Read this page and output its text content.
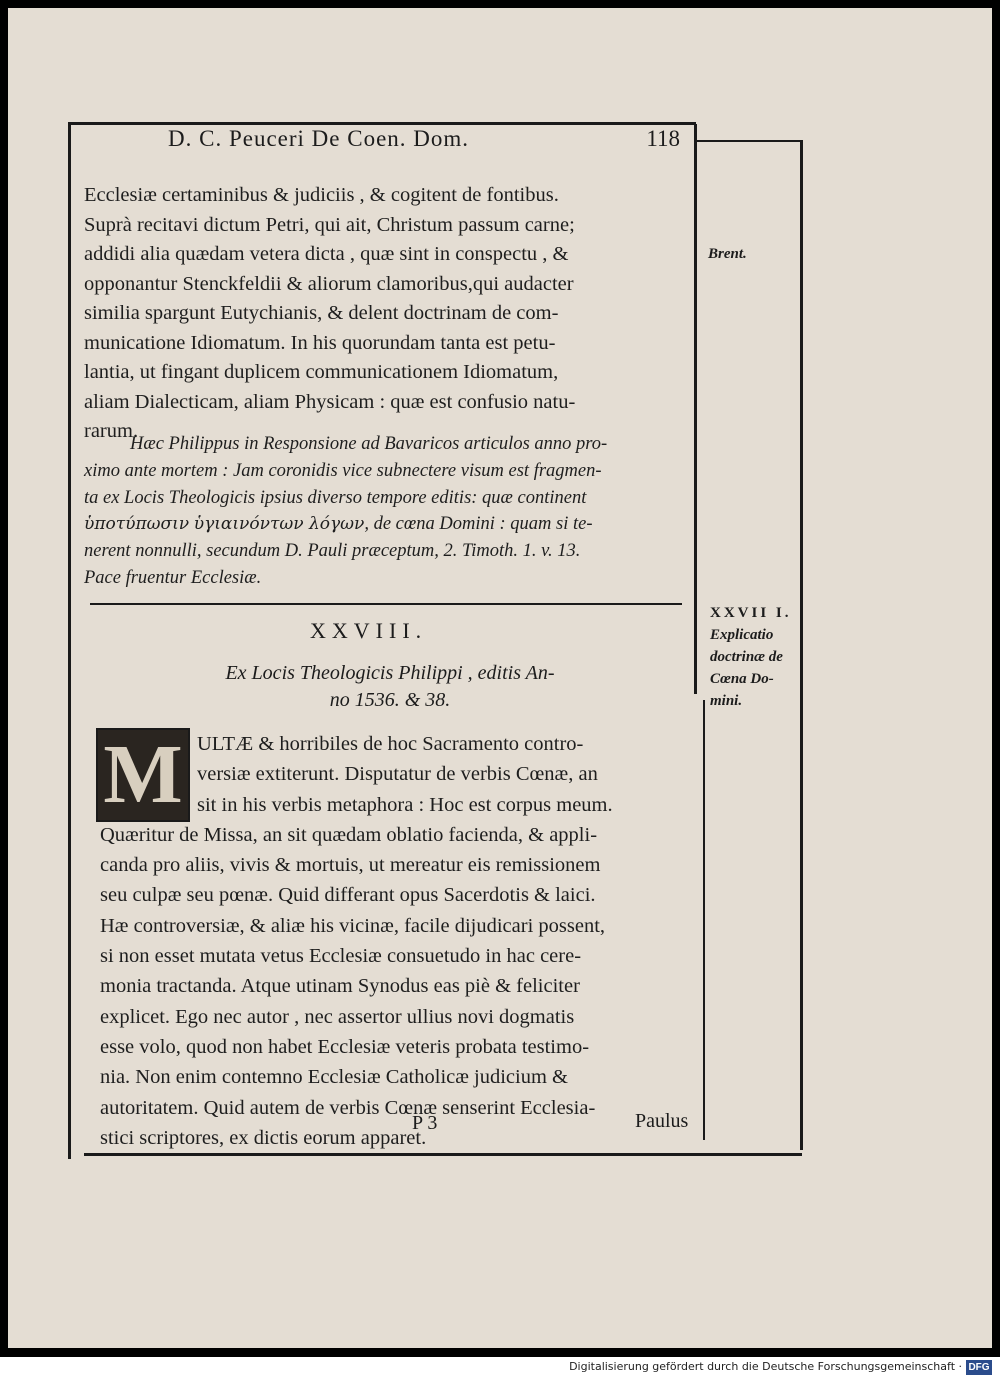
D. C. Peuceri De Coen. Dom.	118
Ecclesiæ certaminibus & judiciis , & cogitent de fontibus.
Suprà recitavi dictum Petri, qui ait, Christum passum carne;
addidi alia quædam vetera dicta , quæ sint in conspectu , &
opponantur Stenckfeldii & aliorum clamoribus,qui audacter
similia spargunt Eutychianis, & delent doctrinam de com-
municatione Idiomatum. In his quorundam tanta est petu-
lantia, ut fingant duplicem communicationem Idiomatum,
aliam Dialecticam, aliam Physicam : quæ est confusio natu-
rarum.
Hæc Philippus in Responsione ad Bavaricos articulos anno pro-
ximo ante mortem : Jam coronidis vice subnectere visum est fragmen-
ta ex Locis Theologicis ipsius diverso tempore editis: quæ continent
ὑποτύπωσιν ὑγιαινόντων λόγων, de cœna Domini : quam si te-
nerent nonnulli, secundum D. Pauli præceptum, 2. Timoth. 1. v. 13.
Pace fruentur Ecclesiæ.
XXVIII.
Ex Locis Theologicis Philippi , editis An-
no 1536. & 38.
M ULTÆ & horribiles de hoc Sacramento contro-
versiæ extiterunt. Disputatur de verbis Cœnæ, an
sit in his verbis metaphora : Hoc est corpus meum.
Quæritur de Missa, an sit quædam oblatio facienda, & appli-
canda pro aliis, vivis & mortuis, ut mereatur eis remissionem
seu culpæ seu pœnæ. Quid differant opus Sacerdotis & laici.
Hæ controversiæ, & aliæ his vicinæ, facile dijudicari possent,
si non esset mutata vetus Ecclesiæ consuetudo in hac cere-
monia tractanda. Atque utinam Synodus eas piè & feliciter
explicet. Ego nec autor , nec assertor ullius novi dogmatis
esse volo, quod non habet Ecclesiæ veteris probata testimo-
nia. Non enim contemno Ecclesiæ Catholicæ judicium &
autoritatem. Quid autem de verbis Cœnæ senserint Ecclesia-
stici scriptores, ex dictis eorum apparet.
P 3	Paulus
Brent.
XXVII I.
Explicatio
doctrinæ de
Cœna Do-
mini.
Digitalisierung gefördert durch die Deutsche Forschungsgemeinschaft · DFG
